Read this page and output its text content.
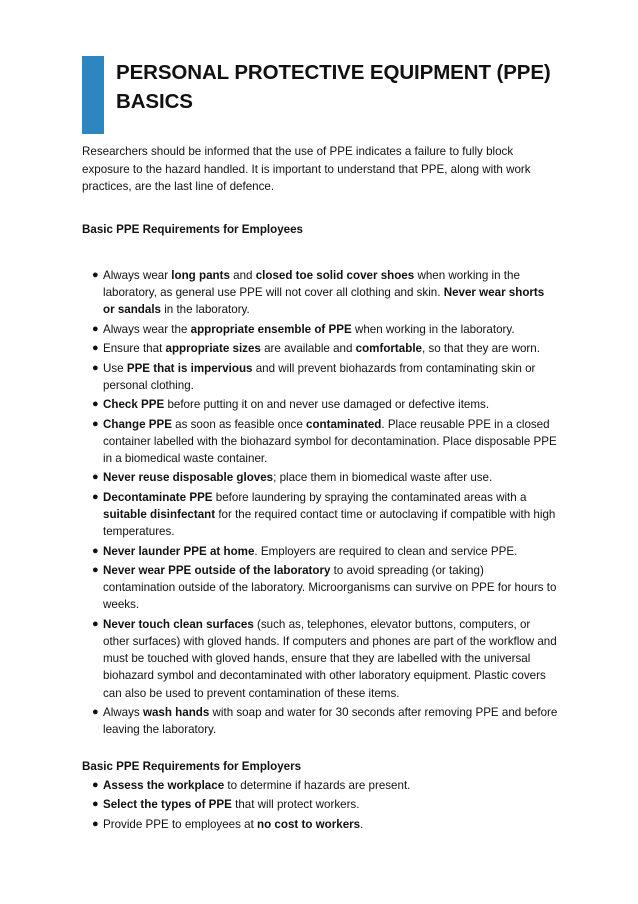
PERSONAL PROTECTIVE EQUIPMENT (PPE) BASICS

Researchers should be informed that the use of PPE indicates a failure to fully block exposure to the hazard handled. It is important to understand that PPE, along with work practices, are the last line of defence.

Basic PPE Requirements for Employees
● Always wear long pants and closed toe solid cover shoes when working in the laboratory, as general use PPE will not cover all clothing and skin. Never wear shorts or sandals in the laboratory.
● Always wear the appropriate ensemble of PPE when working in the laboratory.
● Ensure that appropriate sizes are available and comfortable, so that they are worn.
● Use PPE that is impervious and will prevent biohazards from contaminating skin or personal clothing.
● Check PPE before putting it on and never use damaged or defective items.
● Change PPE as soon as feasible once contaminated. Place reusable PPE in a closed container labelled with the biohazard symbol for decontamination. Place disposable PPE in a biomedical waste container.
● Never reuse disposable gloves; place them in biomedical waste after use.
● Decontaminate PPE before laundering by spraying the contaminated areas with a suitable disinfectant for the required contact time or autoclaving if compatible with high temperatures.
● Never launder PPE at home. Employers are required to clean and service PPE.
● Never wear PPE outside of the laboratory to avoid spreading (or taking) contamination outside of the laboratory. Microorganisms can survive on PPE for hours to weeks.
● Never touch clean surfaces (such as, telephones, elevator buttons, computers, or other surfaces) with gloved hands. If computers and phones are part of the workflow and must be touched with gloved hands, ensure that they are labelled with the universal biohazard symbol and decontaminated with other laboratory equipment. Plastic covers can also be used to prevent contamination of these items.
● Always wash hands with soap and water for 30 seconds after removing PPE and before leaving the laboratory.
Basic PPE Requirements for Employers
● Assess the workplace to determine if hazards are present.
● Select the types of PPE that will protect workers.
● Provide PPE to employees at no cost to workers.
